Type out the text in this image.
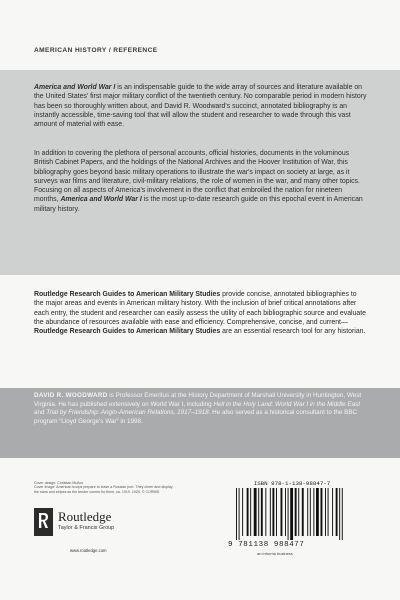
AMERICAN HISTORY / REFERENCE

America and World War I is an indispensable guide to the wide array of sources and literature available on the United States' first major military conflict of the twentieth century. No comparable period in modern history has been so thoroughly written about, and David R. Woodward's succinct, annotated bibliography is an instantly accessible, time-saving tool that will allow the student and researcher to wade through this vast amount of material with ease.

In addition to covering the plethora of personal accounts, official histories, documents in the voluminous British Cabinet Papers, and the holdings of the National Archives and the Hoover Institution of War, this bibliography goes beyond basic military operations to illustrate the war's impact on society at large, as it surveys war films and literature, civil-military relations, the role of women in the war, and many other topics. Focusing on all aspects of America's involvement in the conflict that embroiled the nation for nineteen months, America and World War I is the most up-to-date research guide on this epochal event in American military history.

Routledge Research Guides to American Military Studies provide concise, annotated bibliographies to the major areas and events in American military history. With the inclusion of brief critical annotations after each entry, the student and researcher can easily assess the utility of each bibliographic source and evaluate the abundance of resources available with ease and efficiency. Comprehensive, concise, and current—Routledge Research Guides to American Military Studies are an essential research tool for any historian.

DAVID R. WOODWARD is Professor Emeritus at the History Department of Marshall University in Huntington, West Virginia. He has published extensively on World War I, including Hell in the Holy Land: World War I in the Middle East and Trial by Friendship: Anglo-American Relations, 1917–1918. He also served as a historical consultant to the BBC program “Lloyd George's War” in 1998.

Cover design: Christian Muñoz
Cover image: American troops prepare to leave a Russian port. They cheer and display the stars and stripes as the tender comes for them, ca. 1919. 1920. © CORBIS
Routledge
Taylor & Francis Group
www.routledge.com
ISBN 978-1-138-98847-7
9 781138 988477
an informa business
